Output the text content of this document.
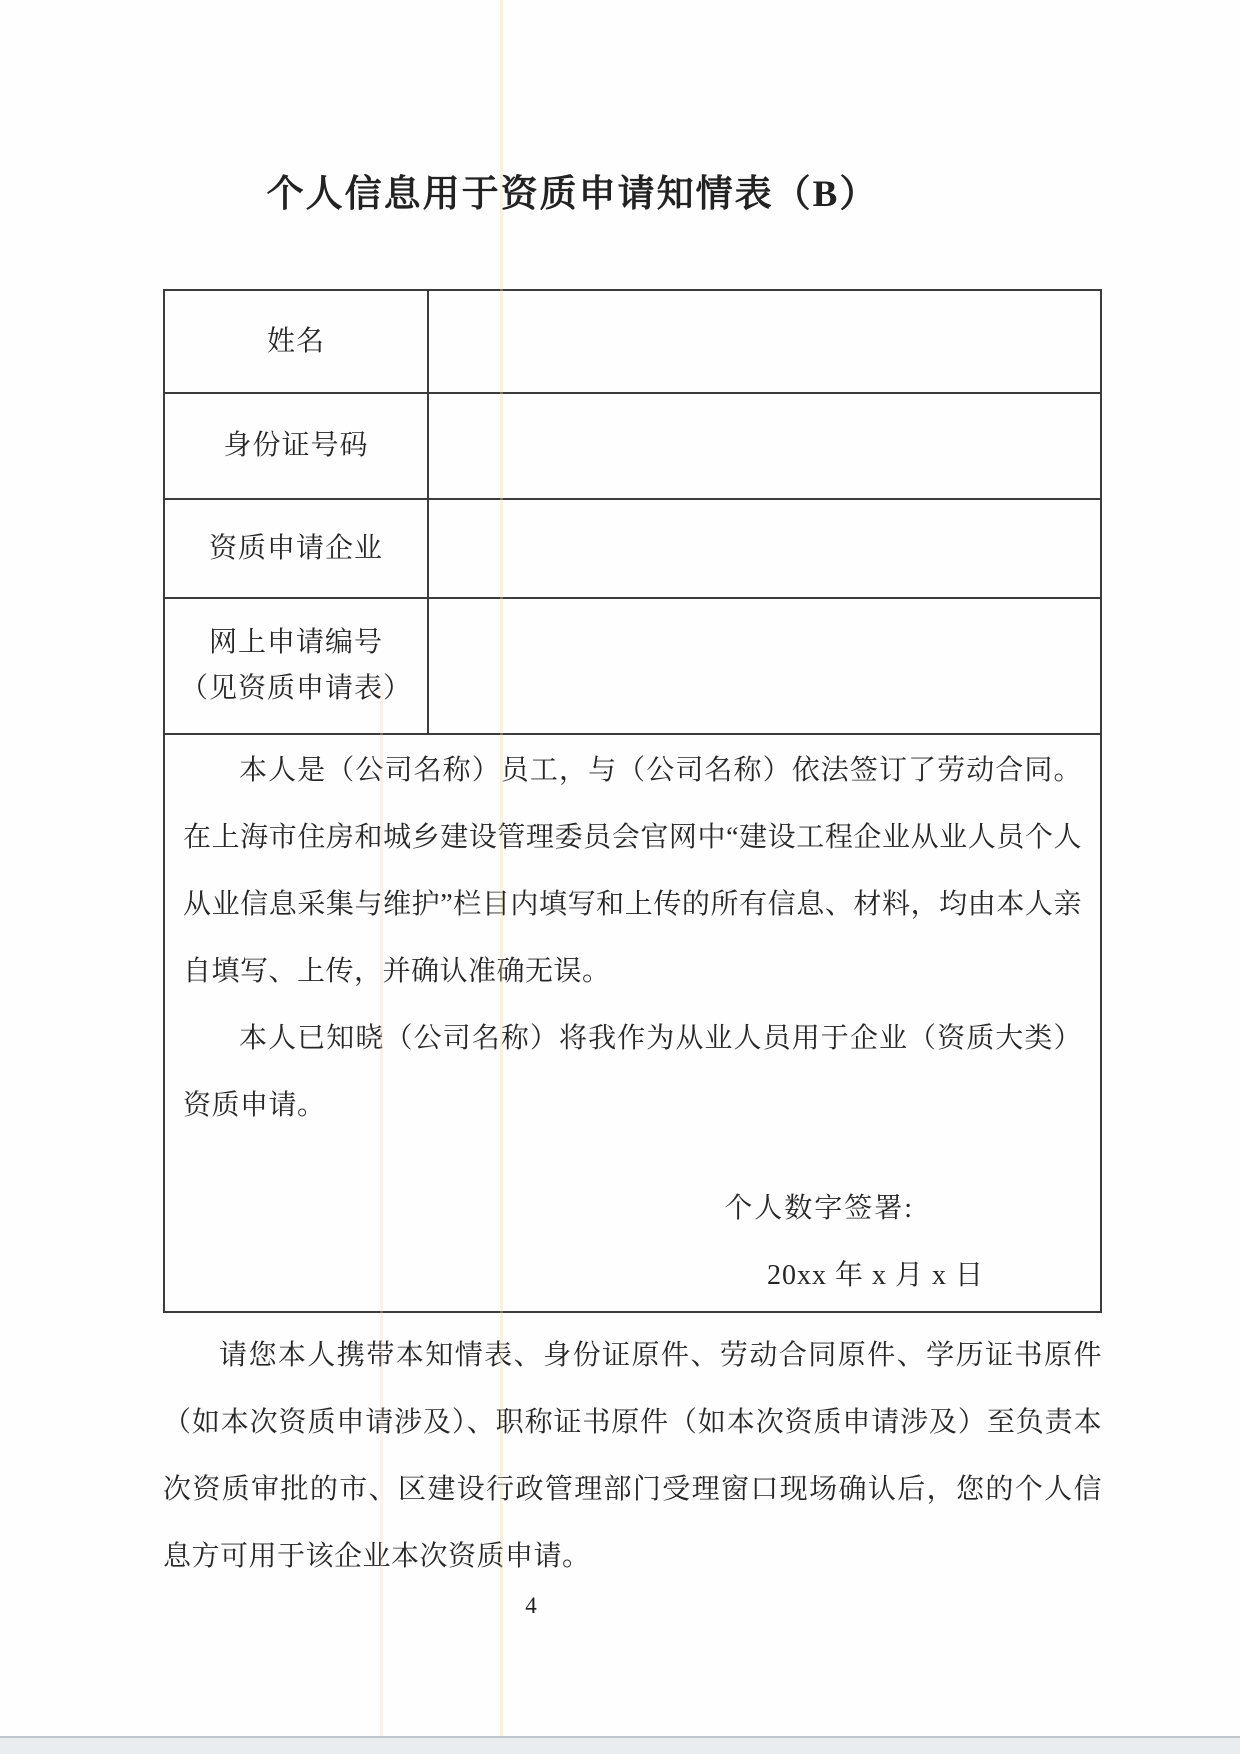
个人信息用于资质申请知情表（B）
姓名
身份证号码
资质申请企业
网上申请编号
（见资质申请表）

本人是（公司名称）员工，与（公司名称）依法签订了劳动合同。在上海市住房和城乡建设管理委员会官网中“建设工程企业从业人员个人从业信息采集与维护”栏目内填写和上传的所有信息、材料，均由本人亲自填写、上传，并确认准确无误。

本人已知晓（公司名称）将我作为从业人员用于企业（资质大类）资质申请。

个人数字签署:
20xx 年 x 月 x 日

请您本人携带本知情表、身份证原件、劳动合同原件、学历证书原件（如本次资质申请涉及）、职称证书原件（如本次资质申请涉及）至负责本次资质审批的市、区建设行政管理部门受理窗口现场确认后，您的个人信息方可用于该企业本次资质申请。

4
